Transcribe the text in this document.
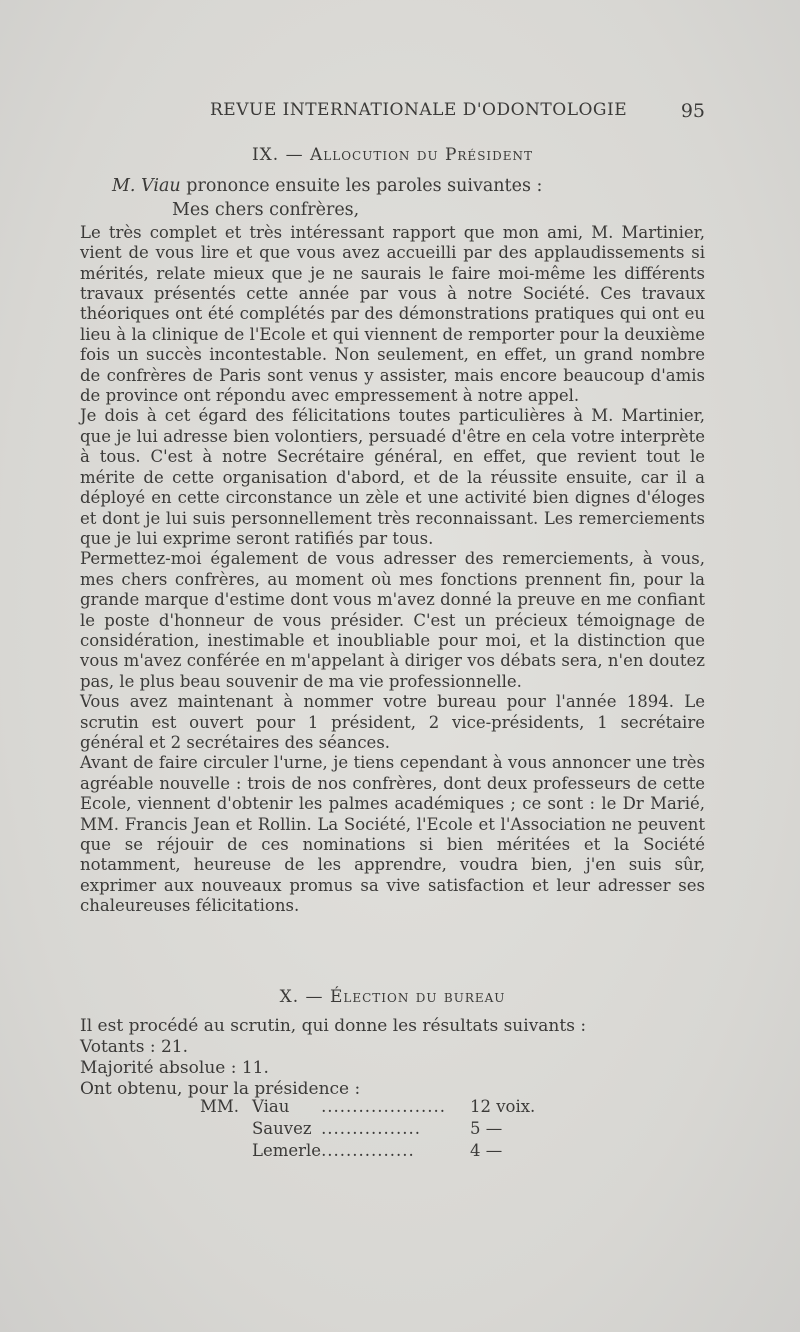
REVUE INTERNATIONALE D'ODONTOLOGIE	95
IX. — Allocution du Président

M. Viau prononce ensuite les paroles suivantes :

Mes chers confrères,

Le très complet et très intéressant rapport que mon ami, M. Martinier, vient de vous lire et que vous avez accueilli par des applaudissements si mérités, relate mieux que je ne saurais le faire moi-même les différents travaux présentés cette année par vous à notre Société. Ces travaux théoriques ont été complétés par des démonstrations pratiques qui ont eu lieu à la clinique de l'Ecole et qui viennent de remporter pour la deuxième fois un succès incontestable. Non seulement, en effet, un grand nombre de confrères de Paris sont venus y assister, mais encore beaucoup d'amis de province ont répondu avec empressement à notre appel.

Je dois à cet égard des félicitations toutes particulières à M. Martinier, que je lui adresse bien volontiers, persuadé d'être en cela votre interprète à tous. C'est à notre Secrétaire général, en effet, que revient tout le mérite de cette organisation d'abord, et de la réussite ensuite, car il a déployé en cette circonstance un zèle et une activité bien dignes d'éloges et dont je lui suis personnellement très reconnaissant. Les remerciements que je lui exprime seront ratifiés par tous.

Permettez-moi également de vous adresser des remerciements, à vous, mes chers confrères, au moment où mes fonctions prennent fin, pour la grande marque d'estime dont vous m'avez donné la preuve en me confiant le poste d'honneur de vous présider. C'est un précieux témoignage de considération, inestimable et inoubliable pour moi, et la distinction que vous m'avez conférée en m'appelant à diriger vos débats sera, n'en doutez pas, le plus beau souvenir de ma vie professionnelle.

Vous avez maintenant à nommer votre bureau pour l'année 1894. Le scrutin est ouvert pour 1 président, 2 vice-présidents, 1 secrétaire général et 2 secrétaires des séances.

Avant de faire circuler l'urne, je tiens cependant à vous annoncer une très agréable nouvelle : trois de nos confrères, dont deux professeurs de cette Ecole, viennent d'obtenir les palmes académiques ; ce sont : le Dr Marié, MM. Francis Jean et Rollin. La Société, l'Ecole et l'Association ne peuvent que se réjouir de ces nominations si bien méritées et la Société notamment, heureuse de les apprendre, voudra bien, j'en suis sûr, exprimer aux nouveaux promus sa vive satisfaction et leur adresser ses chaleureuses félicitations.

X. — Élection du bureau

Il est procédé au scrutin, qui donne les résultats suivants :

Votants : 21.

Majorité absolue : 11.

Ont obtenu, pour la présidence :

MM.	Viau	....................	12 voix.
	Sauvez	................	5 —
	Lemerle	...............	4 —
